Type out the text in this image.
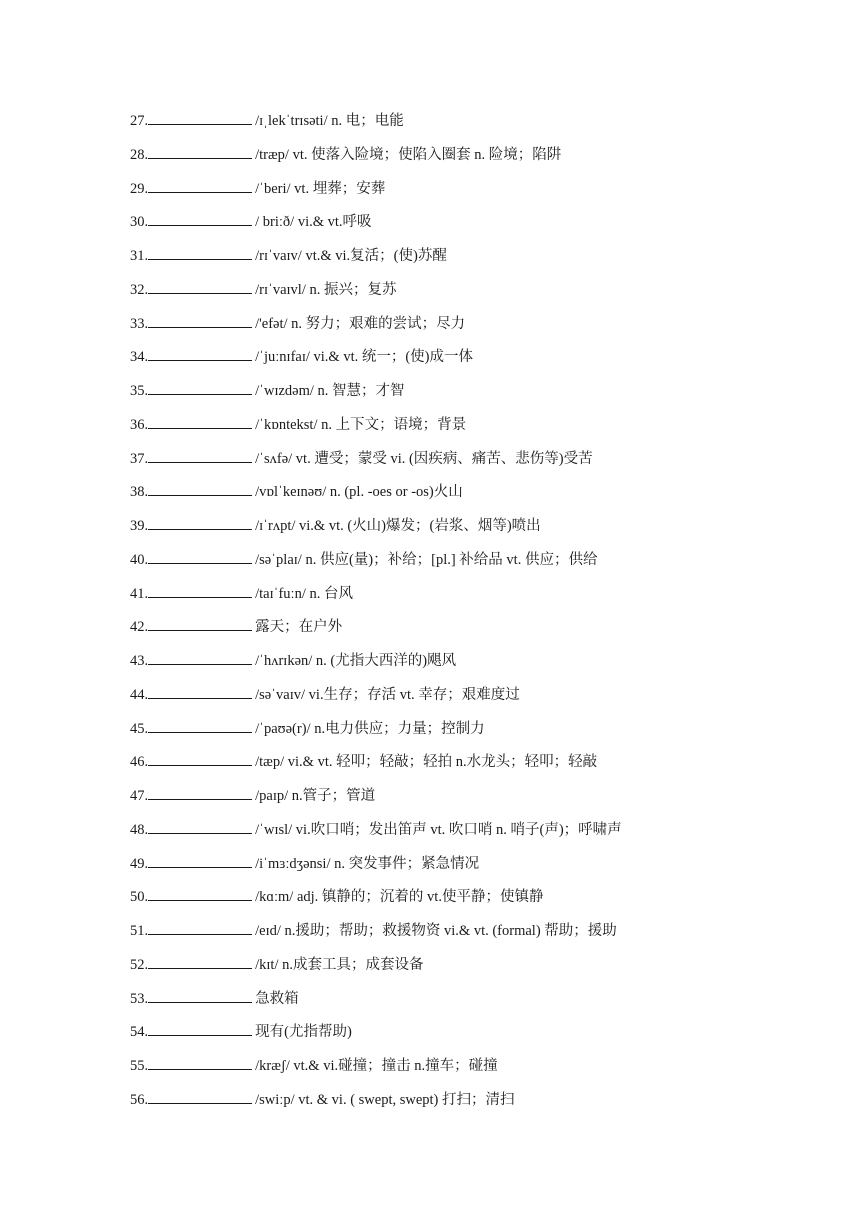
27.	/ɪˌlekˈtrɪsəti/ n. 电；电能
28.	/træp/ vt. 使落入险境；使陷入圈套 n. 险境；陷阱
29.	/ˈberi/ vt. 埋葬；安葬
30.	/ briːð/ vi.& vt.呼吸
31.	/rɪˈvaɪv/ vt.& vi.复活；(使)苏醒
32.	/rɪˈvaɪvl/ n. 振兴；复苏
33.	/'efət/ n. 努力；艰难的尝试；尽力
34.	/ˈjuːnɪfaɪ/ vi.& vt. 统一；(使)成一体
35.	/ˈwɪzdəm/ n. 智慧；才智
36.	/ˈkɒntekst/ n. 上下文；语境；背景
37.	/ˈsʌfə/ vt. 遭受；蒙受 vi. (因疾病、痛苦、悲伤等)受苦
38.	/vɒlˈkeɪnəʊ/ n. (pl. -oes or -os)火山
39.	/ɪˈrʌpt/ vi.& vt. (火山)爆发；(岩浆、烟等)喷出
40.	/səˈplaɪ/ n. 供应(量)；补给；[pl.] 补给品 vt. 供应；供给
41.	/taɪˈfuːn/ n. 台风
42.	露天；在户外
43.	/ˈhʌrɪkən/ n. (尤指大西洋的)飓风
44.	/səˈvaɪv/ vi.生存；存活 vt. 幸存；艰难度过
45.	/ˈpaʊə(r)/ n.电力供应；力量；控制力
46.	/tæp/ vi.& vt. 轻叩；轻敲；轻拍 n.水龙头；轻叩；轻敲
47.	/paɪp/ n.管子；管道
48.	/ˈwɪsl/ vi.吹口哨；发出笛声 vt. 吹口哨 n. 哨子(声)；呼啸声
49.	/iˈmɜːdʒənsi/ n. 突发事件；紧急情况
50.	/kɑːm/ adj. 镇静的；沉着的 vt.使平静；使镇静
51.	/eɪd/ n.援助；帮助；救援物资 vi.& vt. (formal) 帮助；援助
52.	/kɪt/ n.成套工具；成套设备
53.	急救箱
54.	现有(尤指帮助)
55.	/kræʃ/ vt.& vi.碰撞；撞击 n.撞车；碰撞
56.	/swiːp/ vt. & vi. ( swept, swept) 打扫；清扫
